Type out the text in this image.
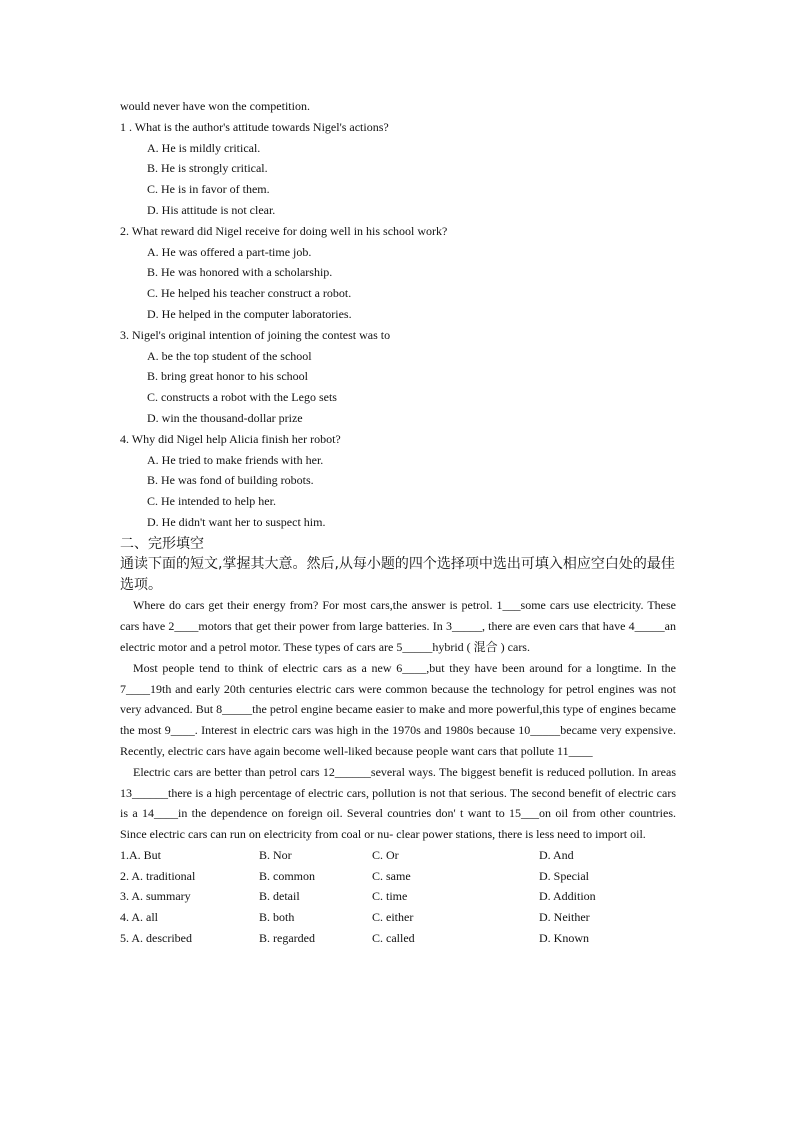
would never have won the competition.
1 . What is the author's attitude towards Nigel's actions?
A. He is mildly critical.
B. He is strongly critical.
C. He is in favor of them.
D. His attitude is not clear.
2. What reward did Nigel receive for doing well in his school work?
A. He was offered a part-time job.
B. He was honored with a scholarship.
C. He helped his teacher construct a robot.
D. He helped in the computer laboratories.
3. Nigel's original intention of joining the contest was to
A. be the top student of the school
B. bring great honor to his school
C. constructs a robot with the Lego sets
D. win the thousand-dollar prize
4. Why did Nigel help Alicia finish her robot?
A. He tried to make friends with her.
B. He was fond of building robots.
C. He intended to help her.
D. He didn't want her to suspect him.
二、完形填空
通读下面的短文,掌握其大意。然后,从每小题的四个选择项中选出可填入相应空白处的最佳选项。
Where do cars get their energy from? For most cars,the answer is petrol. 1___some cars use electricity. These cars have 2____motors that get their power from large batteries. In 3_____, there are even cars that have 4_____an electric motor and a petrol motor. These types of cars are 5_____hybrid ( 混合 ) cars.
Most people tend to think of electric cars as a new 6____,but they have been around for a longtime. In the 7____19th and early 20th centuries electric cars were common because the technology for petrol engines was not very advanced. But 8_____the petrol engine became easier to make and more powerful,this type of engines became the most 9____. Interest in electric cars was high in the 1970s and 1980s because 10_____became very expensive. Recently, electric cars have again become well-liked because people want cars that pollute 11____
Electric cars are better than petrol cars 12______several ways. The biggest benefit is reduced pollution. In areas 13______there is a high percentage of electric cars, pollution is not that serious. The second benefit of electric cars is a 14____in the dependence on foreign oil. Several countries don' t want to 15___on oil from other countries. Since electric cars can run on electricity from coal or nu- clear power stations, there is less need to import oil.
1.A. But	B. Nor	C. Or	D. And
2. A. traditional	B. common	C. same	D. Special
3. A. summary	B. detail	C. time	D. Addition
4. A. all	B. both	C. either	D. Neither
5. A. described	B. regarded	C. called	D. Known
